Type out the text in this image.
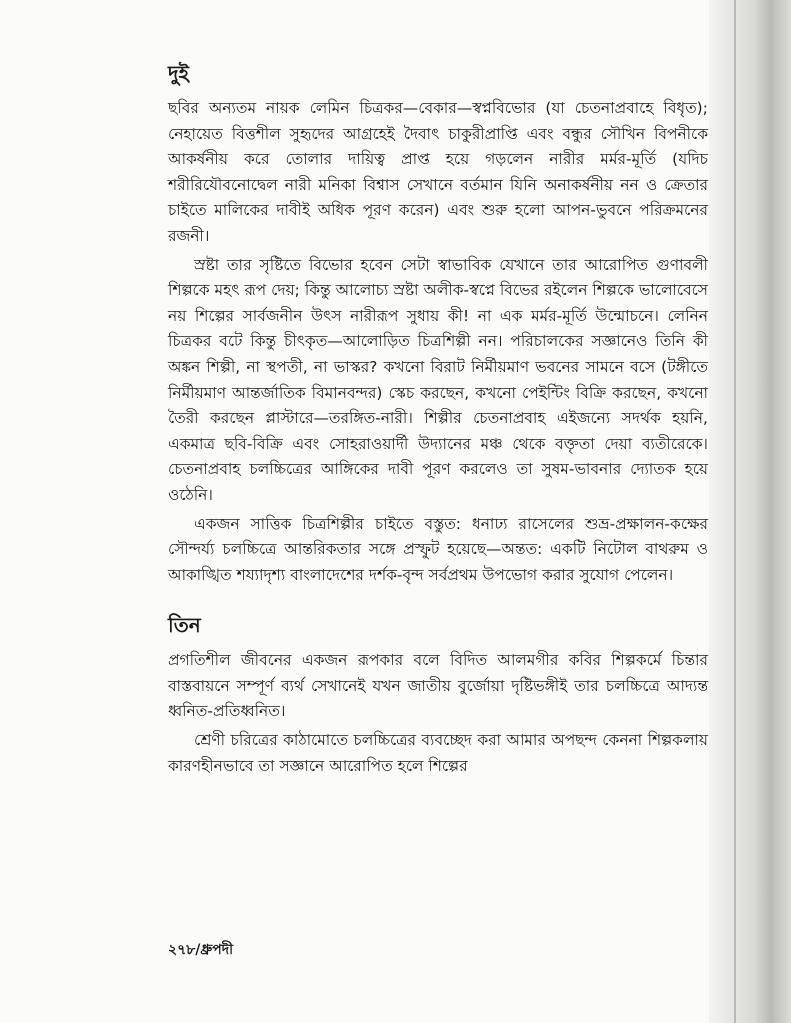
দুই

ছবির অন্যতম নায়ক লেমিন চিত্রকর—বেকার—স্বপ্নবিভোর (যা চেতনাপ্রবাহে বিধৃত); নেহায়েত বিত্তশীল সুহৃদের আগ্রহেই দৈবাৎ চাকুরীপ্রাপ্তি এবং বন্ধুর সৌখিন বিপনীকে আকর্ষনীয় করে তোলার দায়িত্ব প্রাপ্ত হয়ে গড়লেন নারীর মর্মর-মূর্তি (যদিচ শরীরিযৌবনোদ্বেল নারী মনিকা বিশ্বাস সেখানে বর্তমান যিনি অনাকর্ষনীয় নন ও ক্রেতার চাইতে মালিকের দাবীই অধিক পূরণ করেন) এবং শুরু হলো আপন-ভুবনে পরিক্রমনের রজনী।

স্রষ্টা তার সৃষ্টিতে বিভোর হবেন সেটা স্বাভাবিক যেখানে তার আরোপিত গুণাবলী শিল্পকে মহৎ রূপ দেয়; কিন্তু আলোচ্য স্রষ্টা অলীক-স্বপ্নে বিভের রইলেন শিল্পকে ভালোবেসে নয় শিল্পের সার্বজনীন উৎস নারীরূপ সুধায় কী! না এক মর্মর-মূর্তি উন্মোচনে। লেনিন চিত্রকর বটে কিন্তু চীৎকৃত—আলোড়িত চিত্রশিল্পী নন। পরিচালকের সজ্ঞানেও তিনি কী অঙ্কন শিল্পী, না স্থপতী, না ভাস্কর? কখনো বিরাট নির্মীয়মাণ ভবনের সামনে বসে (টঙ্গীতে নির্মীয়মাণ আন্তর্জাতিক বিমানবন্দর) স্কেচ করছেন, কখনো পেইন্টিং বিক্রি করছেন, কখনো তৈরী করছেন প্লাস্টারে—তরঙ্গিত-নারী। শিল্পীর চেতনাপ্রবাহ এইজন্যে সদর্থক হয়নি, একমাত্র ছবি-বিক্রি এবং সোহরাওয়ার্দী উদ্যানের মঞ্চ থেকে বক্তৃতা দেয়া ব্যতীরেকে। চেতনাপ্রবাহ চলচ্চিত্রের আঙ্গিকের দাবী পূরণ করলেও তা সুষম-ভাবনার দ্যোতক হয়ে ওঠেনি।

একজন সাত্তিক চিত্রশিল্পীর চাইতে বস্তুত: ধনাঢ্য রাসেলের শুভ্র-প্রক্ষালন-কক্ষের সৌন্দর্য্য চলচ্চিত্রে আন্তরিকতার সঙ্গে প্রস্ফুট হয়েছে—অন্তত: একটি নিটোল বাথরুম ও আকাঙ্খিত শয্যাদৃশ্য বাংলাদেশের দর্শক-বৃন্দ সর্বপ্রথম উপভোগ করার সুযোগ পেলেন।

তিন

প্রগতিশীল জীবনের একজন রূপকার বলে বিদিত আলমগীর কবির শিল্পকর্মে চিন্তার বাস্তবায়নে সম্পূর্ণ ব্যর্থ সেখানেই যখন জাতীয় বুর্জোয়া দৃষ্টিভঙ্গীই তার চলচ্চিত্রে আদ্যন্ত ধ্বনিত-প্রতিধ্বনিত।

শ্রেণী চরিত্রের কাঠামোতে চলচ্চিত্রের ব্যবচ্ছেদ করা আমার অপছন্দ কেননা শিল্পকলায় কারণহীনভাবে তা সজ্ঞানে আরোপিত হলে শিল্পের

২৭৮/ধ্রুপদী
